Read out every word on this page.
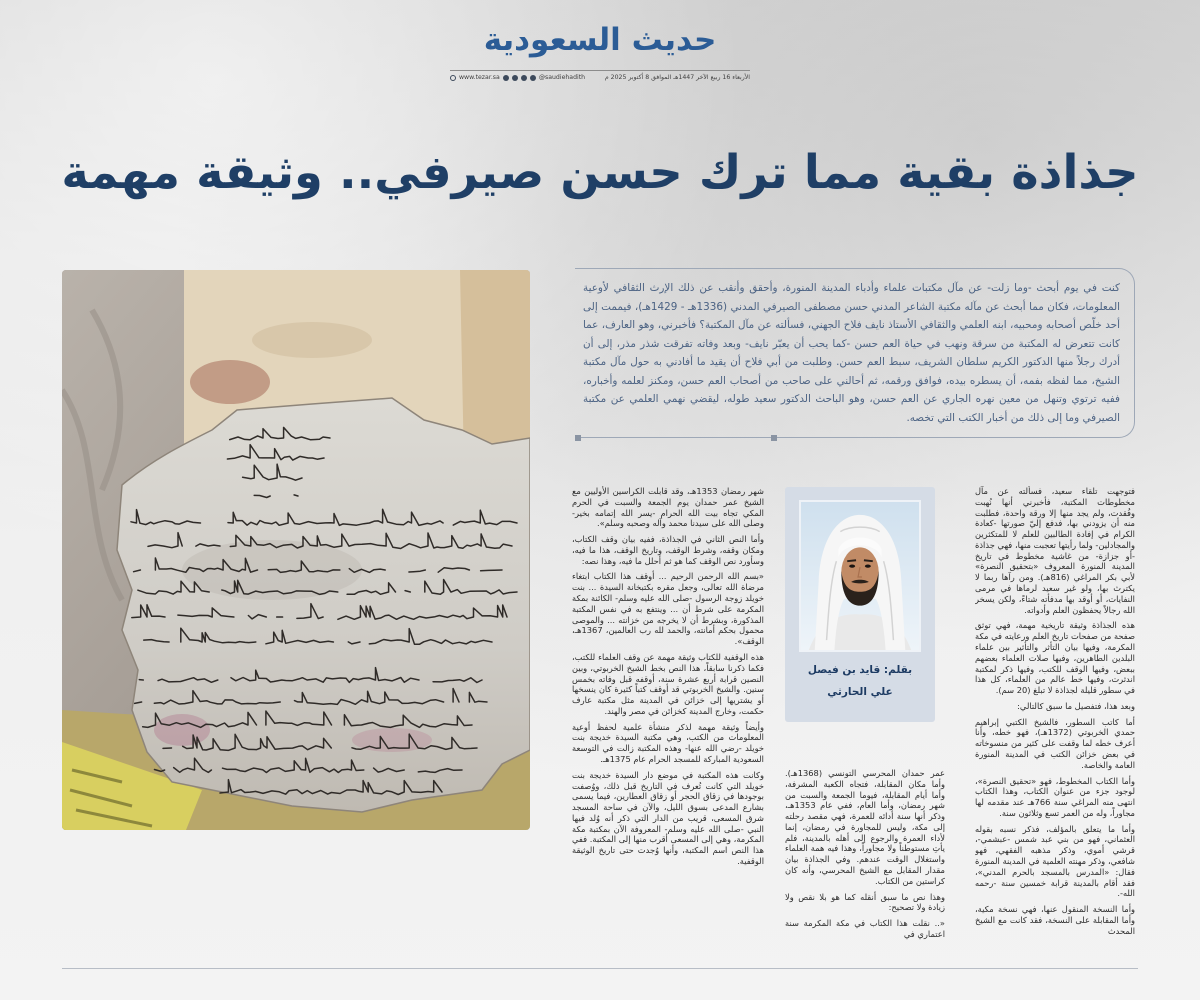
حديث السعودية
www.tezar.sa	@saudiehadith	الأربعاء 16 ربيع الآخر 1447هـ الموافق 8 أكتوبر 2025 م
جذاذة بقية مما ترك حسن صيرفي.. وثيقة مهمة

كنت في يوم أبحث -وما زلت- عن مآل مكتبات علماء وأدباء المدينة المنورة، وأحقق وأنقب عن ذلك الإرث الثقافي لأوعية المعلومات، فكان مما أبحث عن مآله مكتبة الشاعر المدني حسن مصطفى الصيرفي المدني (1336هـ - 1429هـ)، فيممت إلى أحد خلّص أصحابه ومحبيه، ابنه العلمي والثقافي الأستاذ نايف فلاح الجهني، فسألته عن مآل المكتبة؟ فأخبرني، وهو العارف، عما كانت تتعرض له المكتبة من سرقة ونهب في حياة العم حسن -كما يحب أن يعبّر نايف- وبعد وفاته تفرقت شذر مذر، إلى أن أدرك رجلاً منها الدكتور الكريم سلطان الشريف، سبط العم حسن. وطلبت من أبي فلاح أن يقيد ما أفادني به حول مآل مكتبة الشيخ، مما لفظه بفمه، أن يسطره بيده، فوافق ورقمه، ثم أحالني على صاحب من أصحاب العم حسن، ومكنز لعلمه وأخباره، ففيه ترتوي وتنهل من معين نهره الجاري عن العم حسن، وهو الباحث الدكتور سعيد طوله، ليقضي نهمي العلمي عن مكتبة الصيرفي وما إلى ذلك من أخبار الكتب التي تخصه.

بقلم: قايد بن فيصل
علي الحارثي

فتوجهت تلقاء سعيد، فسألته عن مآل مخطوطات المكتبة، فأخبرني أنها نُهبت وفُقدت، ولم يجد منها إلا ورقة واحدة، فطلبت منه أن يزودني بها، فدفع إليّ صورتها -كعادة الكرام في إفادة الطالبين للعلم لا للمتكثرين والمجادلين- ولما رأيتها تعجبت منها، فهي جذاذة -أو جزازة- من غاشية مخطوط في تاريخ المدينة المنورة المعروف «بتحقيق النصرة» لأبي بكر المراغي (816هـ). ومن رآها ربما لا يكترث بها، ولو غير سعيد لرماها في مرمى النفايات، أو أوقد بها مدفأته شتاءً، ولكن يسخر الله رجالاً يحفظون العلم وأدواته.

هذه الجذاذة وثيقة تاريخية مهمة، فهي توثق صفحة من صفحات تاريخ العلم ورعايته في مكة المكرمة، وفيها بيان التأثر والتأثير بين علماء البلدين الطاهرين، وفيها صلات العلماء بعضهم ببعض، وفيها الوقف للكتب، وفيها ذكر لمكتبة اندثرت، وفيها خط عالم من العلماء، كل هذا في سطور قليلة لجذاذة لا تبلغ (20 سم).

وبعد هذا، فتفصيل ما سبق كالتالي:

أما كاتب السطور، فالشيخ الكتبي إبراهيم حمدي الخربوتي (1372هـ)، فهو خطه، وأنا أعرف خطه لما وقفت على كثير من منسوخاته في بعض خزائن الكتب في المدينة المنورة العامة والخاصة.

وأما الكتاب المخطوط، فهو «تحقيق النصرة»، لوجود جزء من عنوان الكتاب، وهذا الكتاب انتهى منه المراغي سنة 766هـ عند مقدمه لها مجاوراً، وله من العمر تسع وثلاثون سنة.

وأما ما يتعلق بالمؤلف، فذكر نسبه بقوله العثماني، فهو من بني عبد شمس -عبشمي-، قرشي أموي، وذكر مذهبه الفقهي، فهو شافعي، وذكر مهنته العلمية في المدينة المنورة فقال: «المدرس بالمسجد بالحرم المدني»، فقد أقام بالمدينة قرابة خمسين سنة -رحمه الله-.

وأما النسخة المنقول عنها، فهي نسخة مكية، وأما المقابلة على النسخة، فقد كانت مع الشيخ المحدث

عمر حمدان المحرسي التونسي (1368هـ). وأما مكان المقابلة، فتجاه الكعبة المشرفة، وأما أيام المقابلة، فيوما الجمعة والسبت من شهر رمضان، وأما العام، ففي عام 1353هـ، وذكر أنها سنة أدائه للعمرة، فهي مقصد رحلته إلى مكة، وليس للمجاورة في رمضان، إنما لأداء العمرة والرجوع إلى أهله بالمدينة، فلم يأتِ مستوطناً ولا مجاوراً، وهذا فيه همة العلماء واستغلال الوقت عندهم. وفي الجذاذة بيان مقدار المقابل مع الشيخ المحرسي، وأنه كان كراستين من الكتاب.

وهذا نص ما سبق أنقله كما هو بلا نقص ولا زيادة ولا تصحيح:

«.. نقلت هذا الكتاب في مكة المكرمة سنة اعتماري في

شهر رمضان 1353هـ، وقد قابلت الكراسين الأوليين مع الشيخ عمر حمدان يوم الجمعة والسبت في الحرم المكي تجاه بيت الله الحرام -يسر الله إتمامه بخير- وصلى الله على سيدنا محمد وآله وصحبه وسلم».

وأما النص الثاني في الجذاذة، ففيه بيان وقف الكتاب، ومكان وقفه، وشرط الوقف، وتاريخ الوقف، هذا ما فيه، وسأورد نص الوقف كما هو ثم أحلل ما فيه، وهذا نصه:

«بسم الله الرحمن الرحيم ... أوقف هذا الكتاب ابتغاء مرضاة الله تعالى، وجعل مقره بكتبخانة السيدة ... بنت خويلد زوجة الرسول -صلى الله عليه وسلم- الكائنة بمكة المكرمة على شرط أن ... وينتفع به في نفس المكتبة المذكورة، وبشرط أن لا يخرجه من خزانته ... والموصى محمول بحكم أمانته، والحمد لله رب العالمين، 1367هـ، الوقف».

هذه الوقفية للكتاب وثيقة مهمة عن وقف العلماء للكتب، فكما ذكرنا سابقاً، هذا النص بخط الشيخ الخربوتي، وبين النصين قرابة أربع عشرة سنة، أوقفه قبل وفاته بخمس سنين. والشيخ الخربوتي قد أوقف كتباً كثيرة كان ينسخها أو يشتريها إلى خزائن في المدينة مثل مكتبة عارف حكمت، وخارج المدينة كخزائن في مصر والهند.

وأيضاً وثيقة مهمة لذكر منشأة علمية لحفظ أوعية المعلومات من الكتب، وهي مكتبة السيدة خديجة بنت خويلد -رضي الله عنها- وهذه المكتبة زالت في التوسعة السعودية المباركة للمسجد الحرام عام 1375هـ.

وكانت هذه المكتبة في موضع دار السيدة خديجة بنت خويلد التي كانت تُعرف في التاريخ قبل ذلك، ووُصفت بوجودها في زقاق الحجر أو زقاق العطارين، فيما يسمى بشارع المدعى بسوق الليل، والآن في ساحة المسجد شرق المسعى، قريب من الدار التي ذكر أنه وُلد فيها النبي -صلى الله عليه وسلم- المعروفة الآن بمكتبة مكة المكرمة، وهي إلى المسعى أقرب منها إلى المكتبة. ففي هذا النص اسم المكتبة، وأنها وُجدت حتى تاريخ الوثيقة الوقفية.
